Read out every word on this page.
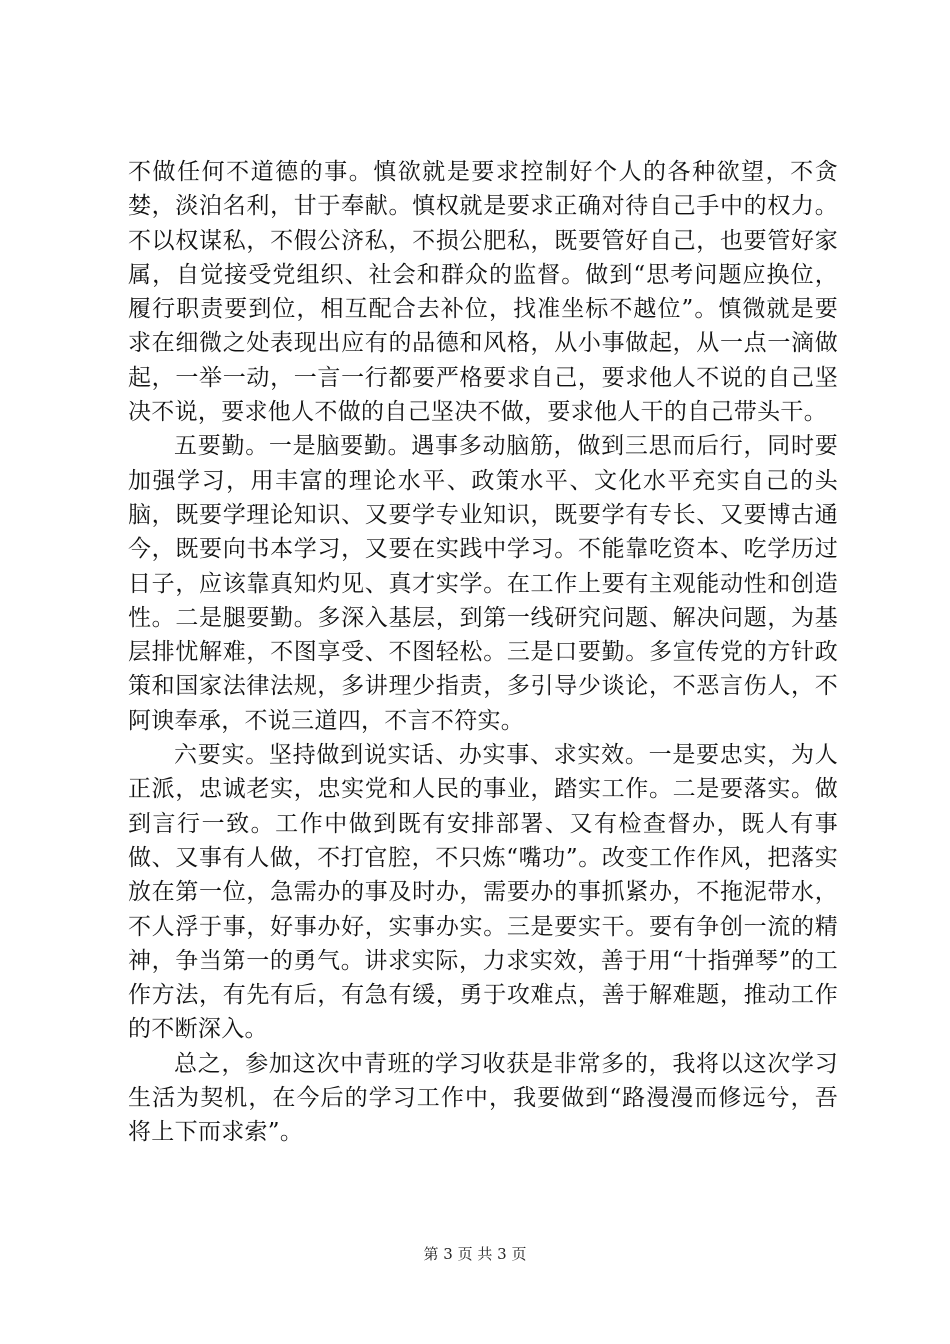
不做任何不道德的事。慎欲就是要求控制好个人的各种欲望，不贪婪，淡泊名利，甘于奉献。慎权就是要求正确对待自己手中的权力。不以权谋私，不假公济私，不损公肥私，既要管好自己，也要管好家属，自觉接受党组织、社会和群众的监督。做到“思考问题应换位，履行职责要到位，相互配合去补位，找准坐标不越位”。慎微就是要求在细微之处表现出应有的品德和风格，从小事做起，从一点一滴做起，一举一动，一言一行都要严格要求自己，要求他人不说的自己坚决不说，要求他人不做的自己坚决不做，要求他人干的自己带头干。

五要勤。一是脑要勤。遇事多动脑筋，做到三思而后行，同时要加强学习，用丰富的理论水平、政策水平、文化水平充实自己的头脑，既要学理论知识、又要学专业知识，既要学有专长、又要博古通今，既要向书本学习，又要在实践中学习。不能靠吃资本、吃学历过日子，应该靠真知灼见、真才实学。在工作上要有主观能动性和创造性。二是腿要勤。多深入基层，到第一线研究问题、解决问题，为基层排忧解难，不图享受、不图轻松。三是口要勤。多宣传党的方针政策和国家法律法规，多讲理少指责，多引导少谈论，不恶言伤人，不阿谀奉承，不说三道四，不言不符实。

六要实。坚持做到说实话、办实事、求实效。一是要忠实，为人正派，忠诚老实，忠实党和人民的事业，踏实工作。二是要落实。做到言行一致。工作中做到既有安排部署、又有检查督办，既人有事做、又事有人做，不打官腔，不只炼“嘴功”。改变工作作风，把落实放在第一位，急需办的事及时办，需要办的事抓紧办，不拖泥带水，不人浮于事，好事办好，实事办实。三是要实干。要有争创一流的精神，争当第一的勇气。讲求实际，力求实效，善于用“十指弹琴”的工作方法，有先有后，有急有缓，勇于攻难点，善于解难题，推动工作的不断深入。

总之，参加这次中青班的学习收获是非常多的，我将以这次学习生活为契机，在今后的学习工作中，我要做到“路漫漫而修远兮，吾将上下而求索”。

第 3 页 共 3 页
